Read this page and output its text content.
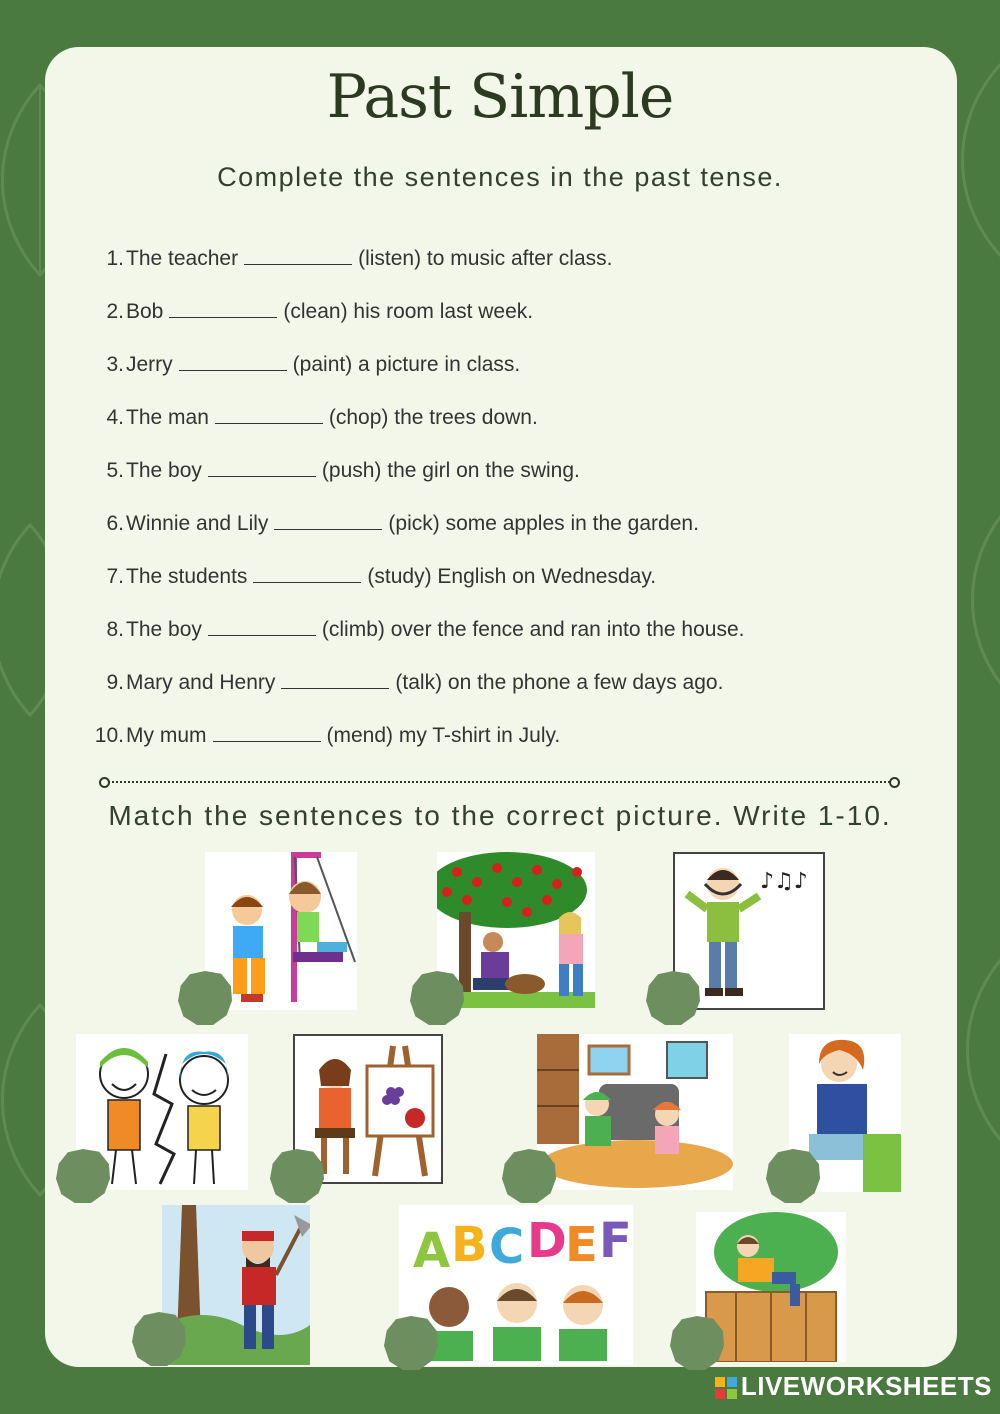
Past Simple
Complete the sentences in the past tense.
1.The teacher	(listen) to music after class.
2.Bob	(clean) his room last week.
3.Jerry	(paint) a picture in class.
4.The man	(chop) the trees down.
5.The boy	(push) the girl on the swing.
6.Winnie and Lily	(pick) some apples in the garden.
7.The students	(study) English on Wednesday.
8.The boy	(climb) over the fence and ran into the house.
9.Mary and Henry	(talk) on the phone a few days ago.
10.My mum	(mend) my T-shirt in July.
Match the sentences to the correct picture. Write 1-10.
♪♫♪
A B C D
E F
LIVEWORKSHEETS
